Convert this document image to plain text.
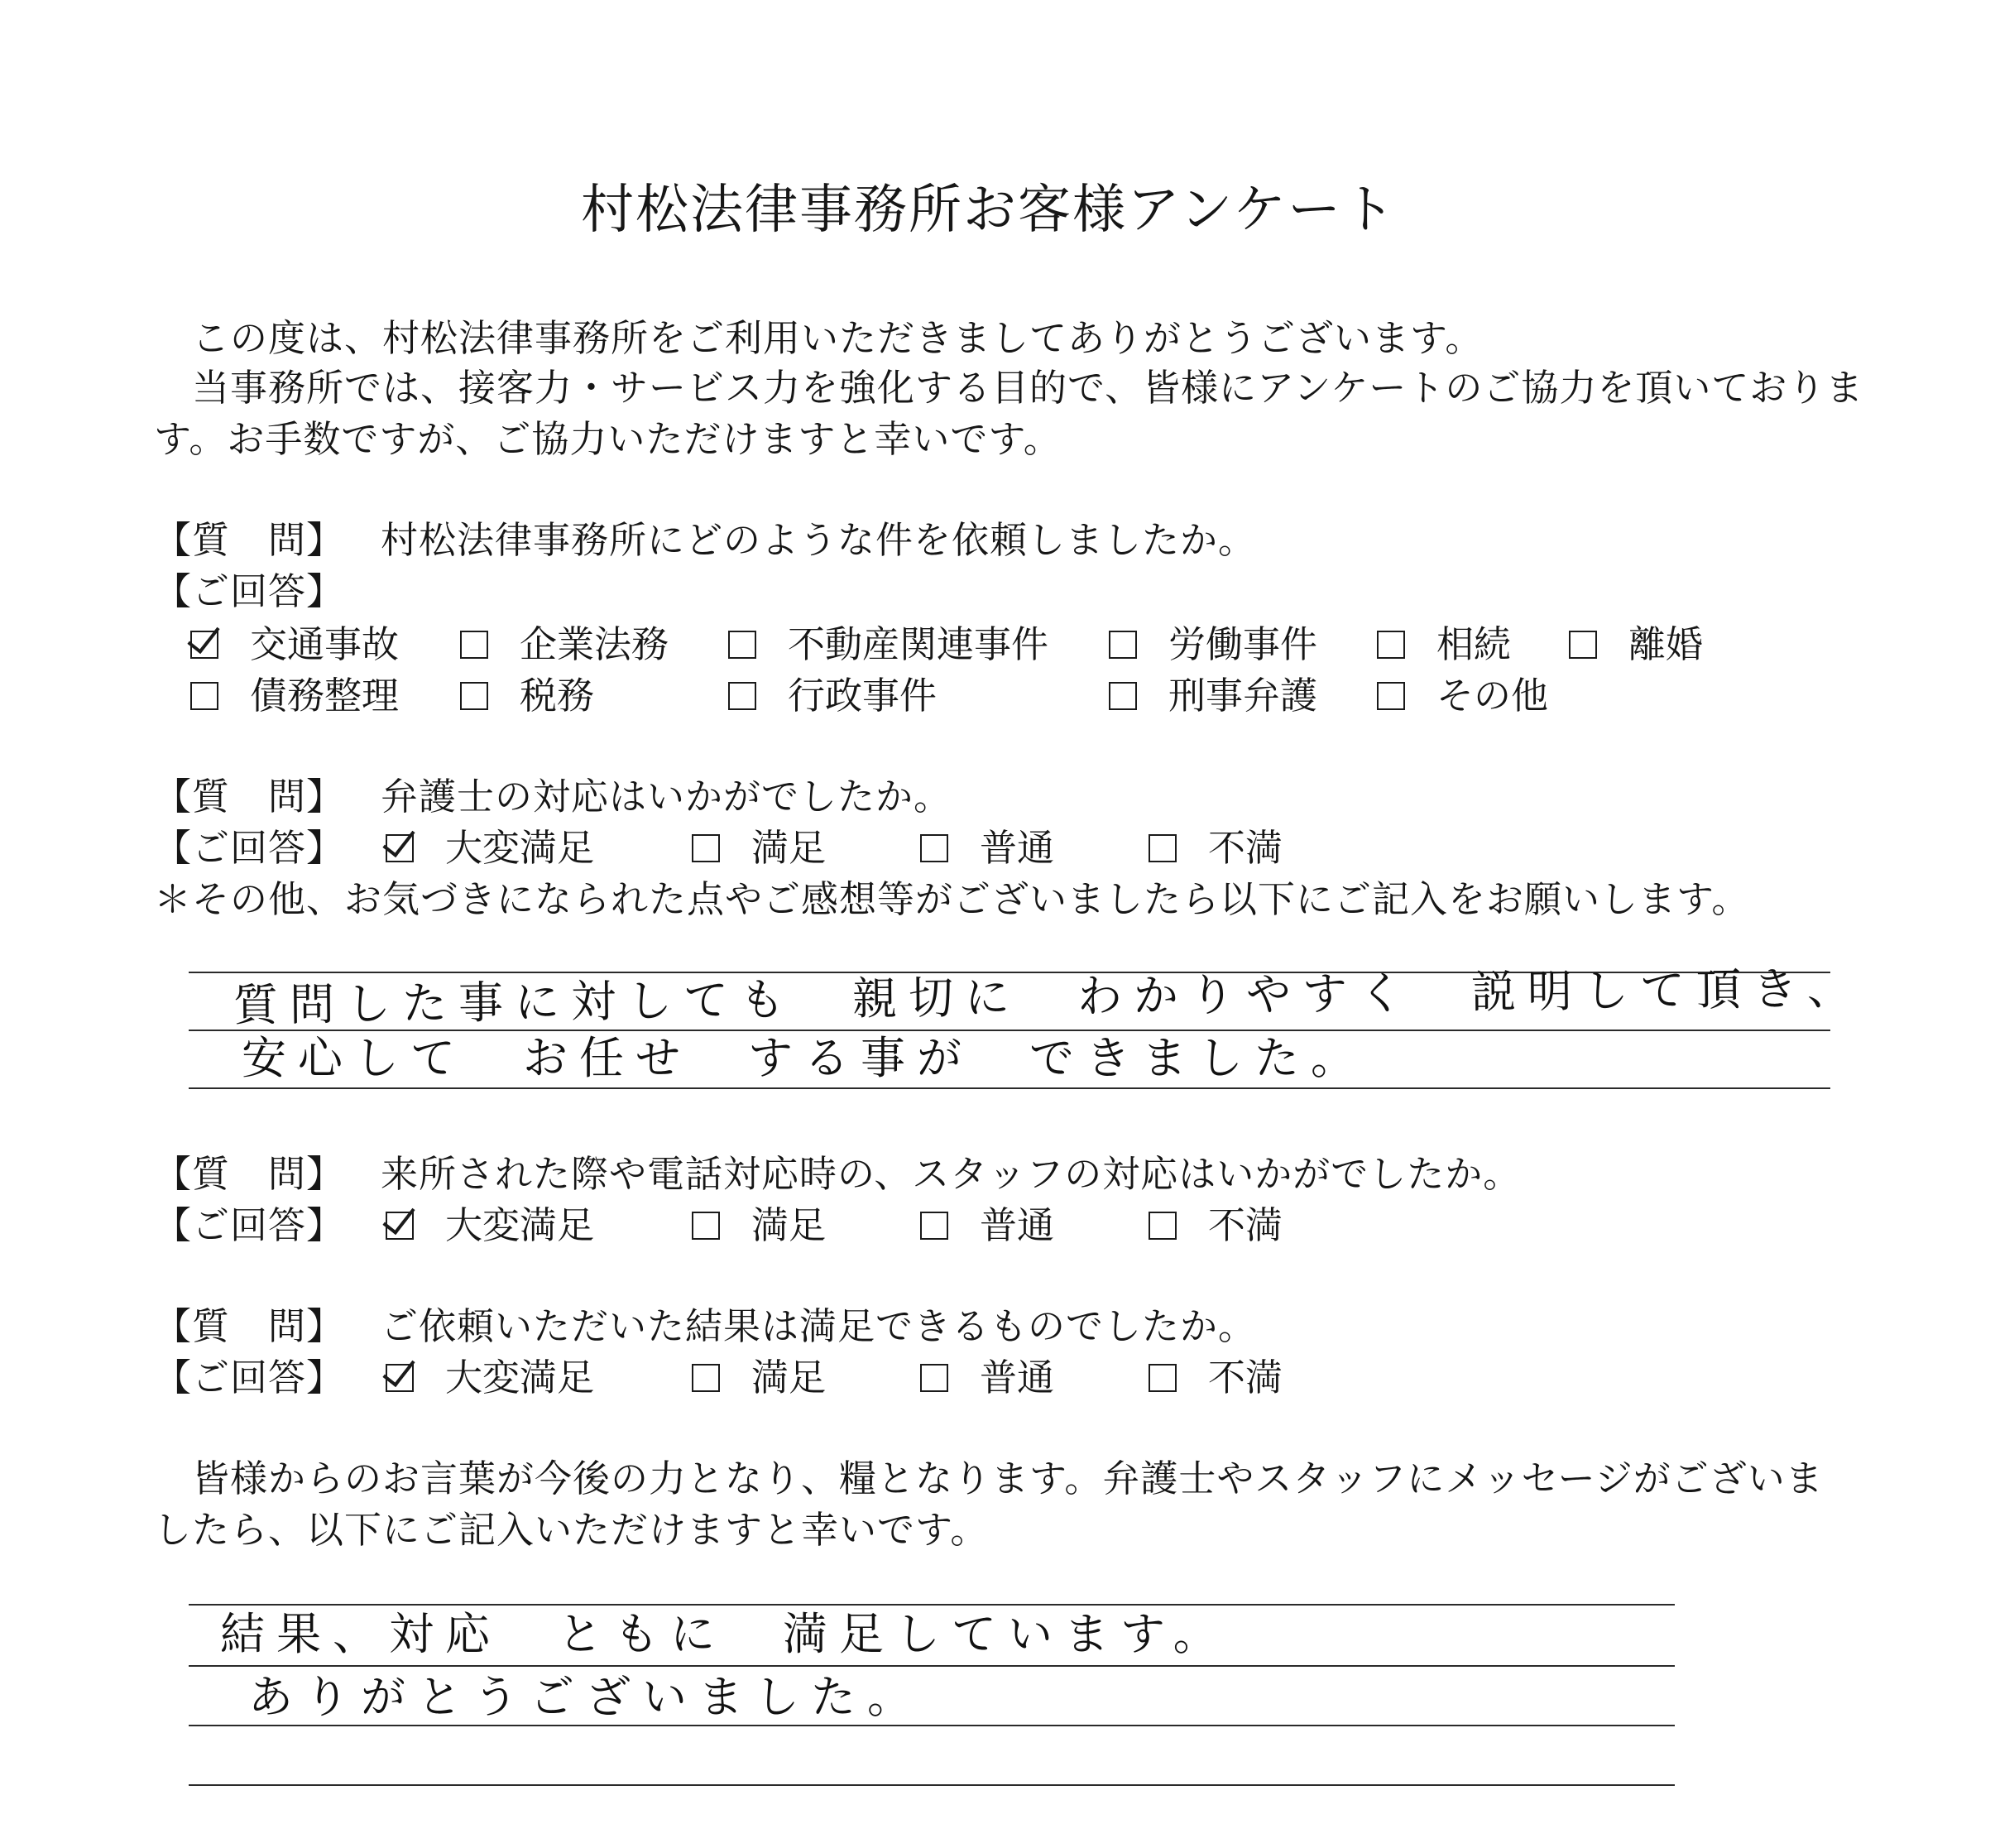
村松法律事務所お客様アンケート
この度は、村松法律事務所をご利用いただきましてありがとうございます。
当事務所では、接客力・サービス力を強化する目的で、皆様にアンケートのご協力を頂いておりま
す。お手数ですが、ご協力いただけますと幸いです。
【質　問】 村松法律事務所にどのような件を依頼しましたか。
【ご回答】
交通事故	企業法務	不動産関連事件	労働事件	相続	離婚
債務整理	税務	行政事件	刑事弁護	その他
【質　問】 弁護士の対応はいかがでしたか。
【ご回答】	大変満足	満足	普通	不満
＊その他、お気づきになられた点やご感想等がございましたら以下にご記入をお願いします。
質問した事に対しても　親切に　わかりやすく　説明して頂き、
安心して　お任せ　する事が　できました。
【質　問】 来所された際や電話対応時の、スタッフの対応はいかがでしたか。
【ご回答】	大変満足	満足	普通	不満
【質　問】 ご依頼いただいた結果は満足できるものでしたか。
【ご回答】	大変満足	満足	普通	不満
皆様からのお言葉が今後の力となり、糧となります。弁護士やスタッフにメッセージがございま
したら、以下にご記入いただけますと幸いです。
結果、対応　ともに　満足しています。
ありがとうございました。
